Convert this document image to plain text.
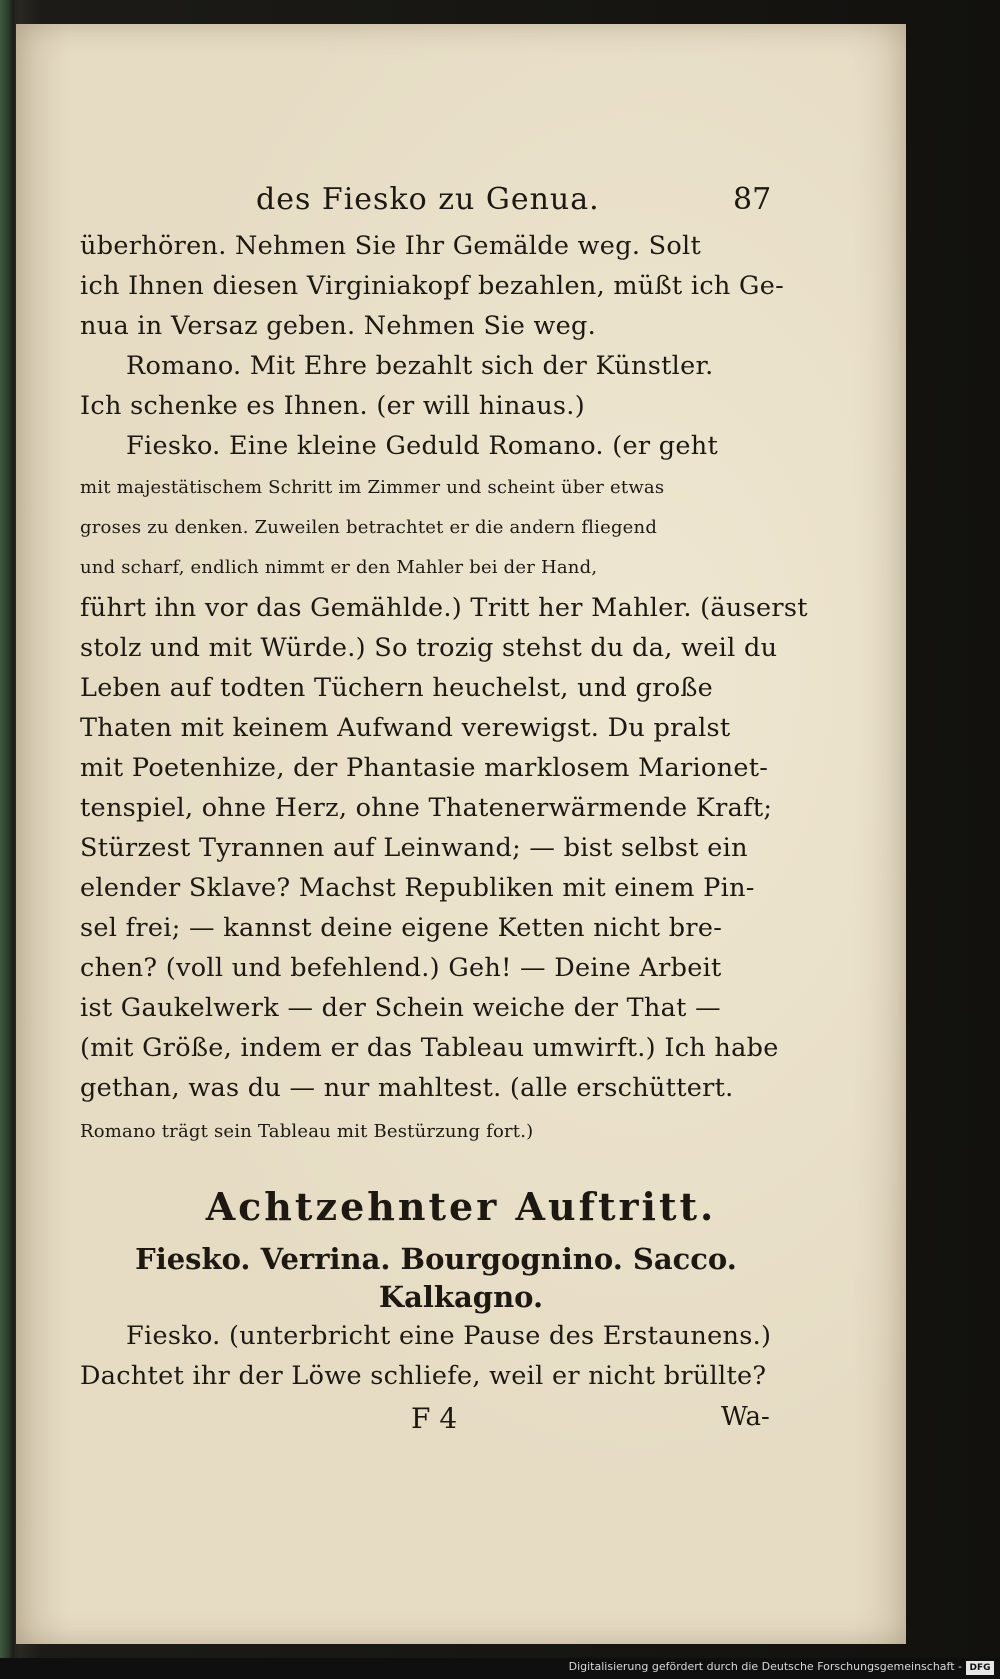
des Fiesko zu Genua.	87
überhören. Nehmen Sie Ihr Gemälde weg. Solt
ich Ihnen diesen Virginiakopf bezahlen, müßt ich Ge-
nua in Versaz geben. Nehmen Sie weg.
Romano. Mit Ehre bezahlt sich der Künstler.
Ich schenke es Ihnen. (er will hinaus.)
Fiesko. Eine kleine Geduld Romano. (er geht
mit majestätischem Schritt im Zimmer und scheint über etwas
groses zu denken. Zuweilen betrachtet er die andern fliegend
und scharf, endlich nimmt er den Mahler bei der Hand,
führt ihn vor das Gemählde.) Tritt her Mahler. (äuserst
stolz und mit Würde.) So trozig stehst du da, weil du
Leben auf todten Tüchern heuchelst, und große
Thaten mit keinem Aufwand verewigst. Du pralst
mit Poetenhize, der Phantasie marklosem Marionet-
tenspiel, ohne Herz, ohne Thatenerwärmende Kraft;
Stürzest Tyrannen auf Leinwand; — bist selbst ein
elender Sklave? Machst Republiken mit einem Pin-
sel frei; — kannst deine eigene Ketten nicht bre-
chen? (voll und befehlend.) Geh! — Deine Arbeit
ist Gaukelwerk — der Schein weiche der That —
(mit Größe, indem er das Tableau umwirft.) Ich habe
gethan, was du — nur mahltest. (alle erschüttert.
Romano trägt sein Tableau mit Bestürzung fort.)
Achtzehnter Auftritt.
Fiesko. Verrina. Bourgognino. Sacco.
Kalkagno.
Fiesko. (unterbricht eine Pause des Erstaunens.)
Dachtet ihr der Löwe schliefe, weil er nicht brüllte?
F 4	Wa-
Digitalisierung gefördert durch die Deutsche Forschungsgemeinschaft - DFG
